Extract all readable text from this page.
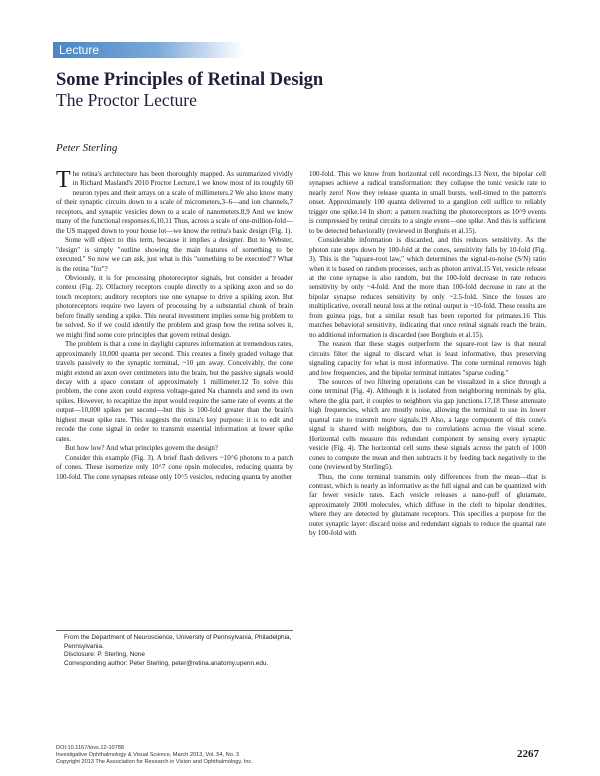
Lecture
Some Principles of Retinal Design
The Proctor Lecture
Peter Sterling

The retina's architecture has been thoroughly mapped. As summarized vividly in Richard Masland's 2010 Proctor Lecture,1 we know most of its roughly 60 neuron types and their arrays on a scale of millimeters.2 We also know many of their synaptic circuits down to a scale of micrometers,3–6—and ion channels,7 receptors, and synaptic vesicles down to a scale of nanometers.8,9 And we know many of the functional responses.6,10,11 Thus, across a scale of one-million-fold—the US mapped down to your house lot—we know the retina's basic design (Fig. 1).

Some will object to this term, because it implies a designer. But to Webster, "design" is simply "outline showing the main features of something to be executed." So now we can ask, just what is this "something to be executed"? What is the retina "for"?

Obviously, it is for processing photoreceptor signals, but consider a broader context (Fig. 2). Olfactory receptors couple directly to a spiking axon and so do touch receptors; auditory receptors use one synapse to drive a spiking axon. But photoreceptors require two layers of processing by a substantial chunk of brain before finally sending a spike. This neural investment implies some big problem to be solved. So if we could identify the problem and grasp how the retina solves it, we might find some core principles that govern retinal design.

The problem is that a cone in daylight captures information at tremendous rates, approximately 10,000 quanta per second. This creates a finely graded voltage that travels passively to the synaptic terminal, ~10 μm away. Conceivably, the cone might extend an axon over centimeters into the brain, but the passive signals would decay with a space constant of approximately 1 millimeter.12 To solve this problem, the cone axon could express voltage-gated Na channels and send its own spikes. However, to recapitize the input would require the same rate of events at the output—10,000 spikes per second—but this is 100-fold greater than the brain's highest mean spike rate. This suggests the retina's key purpose: it is to edit and recode the cone signal in order to transmit essential information at lower spike rates.

But how low? And what principles govern the design?

Consider this example (Fig. 3). A brief flash delivers ~10^6 photons to a patch of cones. These isomerize only 10^7 cone opsin molecules, reducing quanta by 100-fold. The cone synapses release only 10^5 vesicles, reducing quanta by another

100-fold. This we know from horizontal cell recordings.13 Next, the bipolar cell synapses achieve a radical transformation: they collapse the tonic vesicle rate to nearly zero! Now they release quanta in small bursts, well-timed to the pattern's onset. Approximately 100 quanta delivered to a ganglion cell suffice to reliably trigger one spike.14 In short: a pattern reaching the photoreceptors as 10^9 events is compressed by retinal circuits to a single event—one spike. And this is sufficient to be detected behaviorally (reviewed in Borghuis et al.15).

Considerable information is discarded, and this reduces sensitivity. As the photon rate steps down by 100-fold at the cones, sensitivity falls by 10-fold (Fig. 3). This is the "square-root law," which determines the signal-to-noise (S/N) ratio when it is based on random processes, such as photon arrival.15 Yet, vesicle release at the cone synapse is also random, but the 100-fold decrease in rate reduces sensitivity by only ~4-fold. And the more than 100-fold decrease in rate at the bipolar synapse reduces sensitivity by only ~2.5-fold. Since the losses are multiplicative, overall neural loss at the retinal output is ~10-fold. These results are from guinea pigs, but a similar result has been reported for primates.16 This matches behavioral sensitivity, indicating that once retinal signals reach the brain, no additional information is discarded (see Borghuis et al.15).

The reason that these stages outperform the square-root law is that neural circuits filter the signal to discard what is least informative, thus preserving signaling capacity for what is most informative. The cone terminal removes high and low frequencies, and the bipolar terminal initiates "sparse coding."

The sources of two filtering operations can be visualized in a slice through a cone terminal (Fig. 4). Although it is isolated from neighboring terminals by glia, where the glia part, it couples to neighbors via gap junctions.17,18 These attenuate high frequencies, which are mostly noise, allowing the terminal to use its lower quantal rate to transmit more signals.19 Also, a large component of this cone's signal is shared with neighbors, due to correlations across the visual scene. Horizontal cells measure this redundant component by sensing every synaptic vesicle (Fig. 4). The horizontal cell sums these signals across the patch of 1000 cones to compute the mean and then subtracts it by feeding back negatively to the cone (reviewed by Sterling5).

Thus, the cone terminal transmits only differences from the mean—that is contrast, which is nearly as informative as the full signal and can be quantized with far fewer vesicle rates. Each vesicle releases a nano-puff of glutamate, approximately 2000 molecules, which diffuse in the cleft to bipolar dendrites, where they are detected by glutamate receptors. This specifies a purpose for the outer synaptic layer: discard noise and redundant signals to reduce the quantal rate by 100-fold with

From the Department of Neuroscience, University of Pennsylvania, Philadelphia, Pennsylvania.
Disclosure: P. Sterling, None
Corresponding author: Peter Sterling, peter@retina.anatomy.upenn.edu.
DOI:10.1167/iovs.12-10788
Investigative Ophthalmology & Visual Science, March 2013, Vol. 54, No. 3
Copyright 2013 The Association for Research in Vision and Ophthalmology, Inc.
2267
